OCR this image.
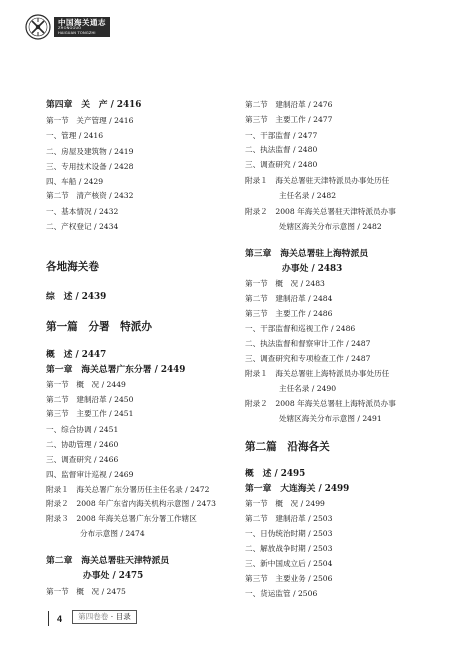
中国海关通志
ZHONGGUO
HAIGUAN TONGZHI
第四章　关　产 / 2416
第一节　关产管理 / 2416
一、管理 / 2416
二、房屋及建筑物 / 2419
三、专用技术设备 / 2428
四、车船 / 2429
第二节　清产核资 / 2432
一、基本情况 / 2432
二、产权登记 / 2434
各地海关卷
综　述 / 2439
第一篇　分署　特派办
概　述 / 2447
第一章　海关总署广东分署 / 2449
第一节　概　况 / 2449
第二节　建制沿革 / 2450
第三节　主要工作 / 2451
一、综合协调 / 2451
二、协助管理 / 2460
三、调查研究 / 2466
四、监督审计巡视 / 2469
附录１　海关总署广东分署历任主任名录 / 2472
附录２　2008 年广东省内海关机构示意图 / 2473
附录３　2008 年海关总署广东分署工作辖区
分布示意图 / 2474
第二章　海关总署驻天津特派员
办事处 / 2475
第一节　概　况 / 2475
第二节　建制沿革 / 2476
第三节　主要工作 / 2477
一、干部监督 / 2477
二、执法监督 / 2480
三、调查研究 / 2480
附录１　海关总署驻天津特派员办事处历任
主任名录 / 2482
附录２　2008 年海关总署驻天津特派员办事
处辖区海关分布示意图 / 2482
第三章　海关总署驻上海特派员
办事处 / 2483
第一节　概　况 / 2483
第二节　建制沿革 / 2484
第三节　主要工作 / 2486
一、干部监督和巡视工作 / 2486
二、执法监督和督察审计工作 / 2487
三、调查研究和专项检查工作 / 2487
附录１　海关总署驻上海特派员办事处历任
主任名录 / 2490
附录２　2008 年海关总署驻上海特派员办事
处辖区海关分布示意图 / 2491
第二篇　沿海各关
概　述 / 2495
第一章　大连海关 / 2499
第一节　概　况 / 2499
第二节　建制沿革 / 2503
一、日伪统治时期 / 2503
二、解放战争时期 / 2503
三、新中国成立后 / 2504
第三节　主要业务 / 2506
一、货运监管 / 2506
4	第四卷卷 · 目录
